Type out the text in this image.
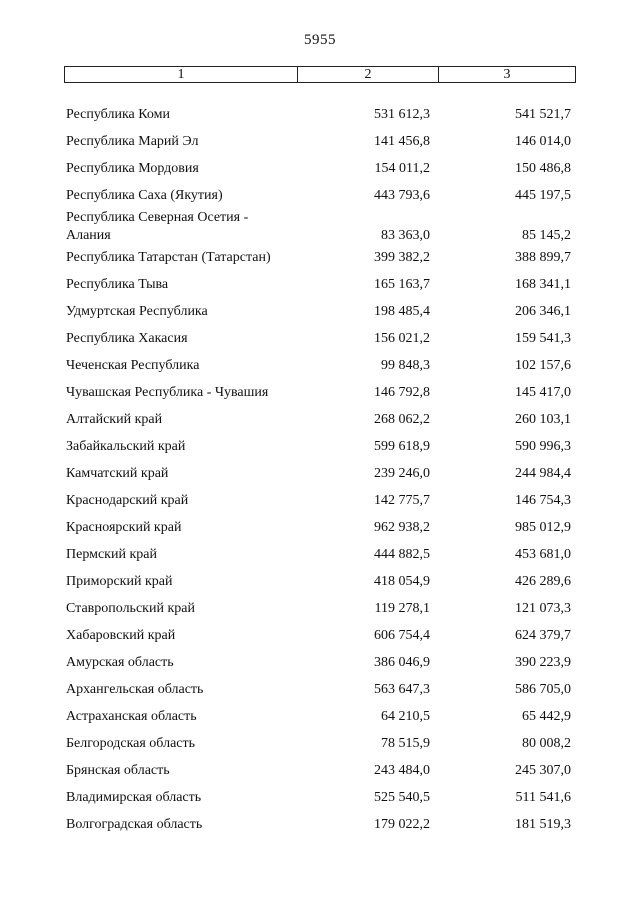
5955
1	2	3
Республика Коми	531 612,3	541 521,7
Республика Марий Эл	141 456,8	146 014,0
Республика Мордовия	154 011,2	150 486,8
Республика Саха (Якутия)	443 793,6	445 197,5
Республика Северная Осетия -
Алания	83 363,0	85 145,2
Республика Татарстан (Татарстан)	399 382,2	388 899,7
Республика Тыва	165 163,7	168 341,1
Удмуртская Республика	198 485,4	206 346,1
Республика Хакасия	156 021,2	159 541,3
Чеченская Республика	99 848,3	102 157,6
Чувашская Республика - Чувашия	146 792,8	145 417,0
Алтайский край	268 062,2	260 103,1
Забайкальский край	599 618,9	590 996,3
Камчатский край	239 246,0	244 984,4
Краснодарский край	142 775,7	146 754,3
Красноярский край	962 938,2	985 012,9
Пермский край	444 882,5	453 681,0
Приморский край	418 054,9	426 289,6
Ставропольский край	119 278,1	121 073,3
Хабаровский край	606 754,4	624 379,7
Амурская область	386 046,9	390 223,9
Архангельская область	563 647,3	586 705,0
Астраханская область	64 210,5	65 442,9
Белгородская область	78 515,9	80 008,2
Брянская область	243 484,0	245 307,0
Владимирская область	525 540,5	511 541,6
Волгоградская область	179 022,2	181 519,3
